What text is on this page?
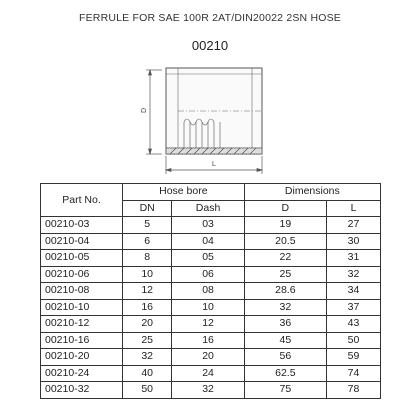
FERRULE FOR SAE 100R 2AT/DIN20022 2SN HOSE
00210
D
L
Part No.	Hose bore		Dimensions	
	DN	Dash	D	L
00210-03	5	03	19	27
00210-04	6	04	20.5	30
00210-05	8	05	22	31
00210-06	10	06	25	32
00210-08	12	08	28.6	34
00210-10	16	10	32	37
00210-12	20	12	36	43
00210-16	25	16	45	50
00210-20	32	20	56	59
00210-24	40	24	62.5	74
00210-32	50	32	75	78
